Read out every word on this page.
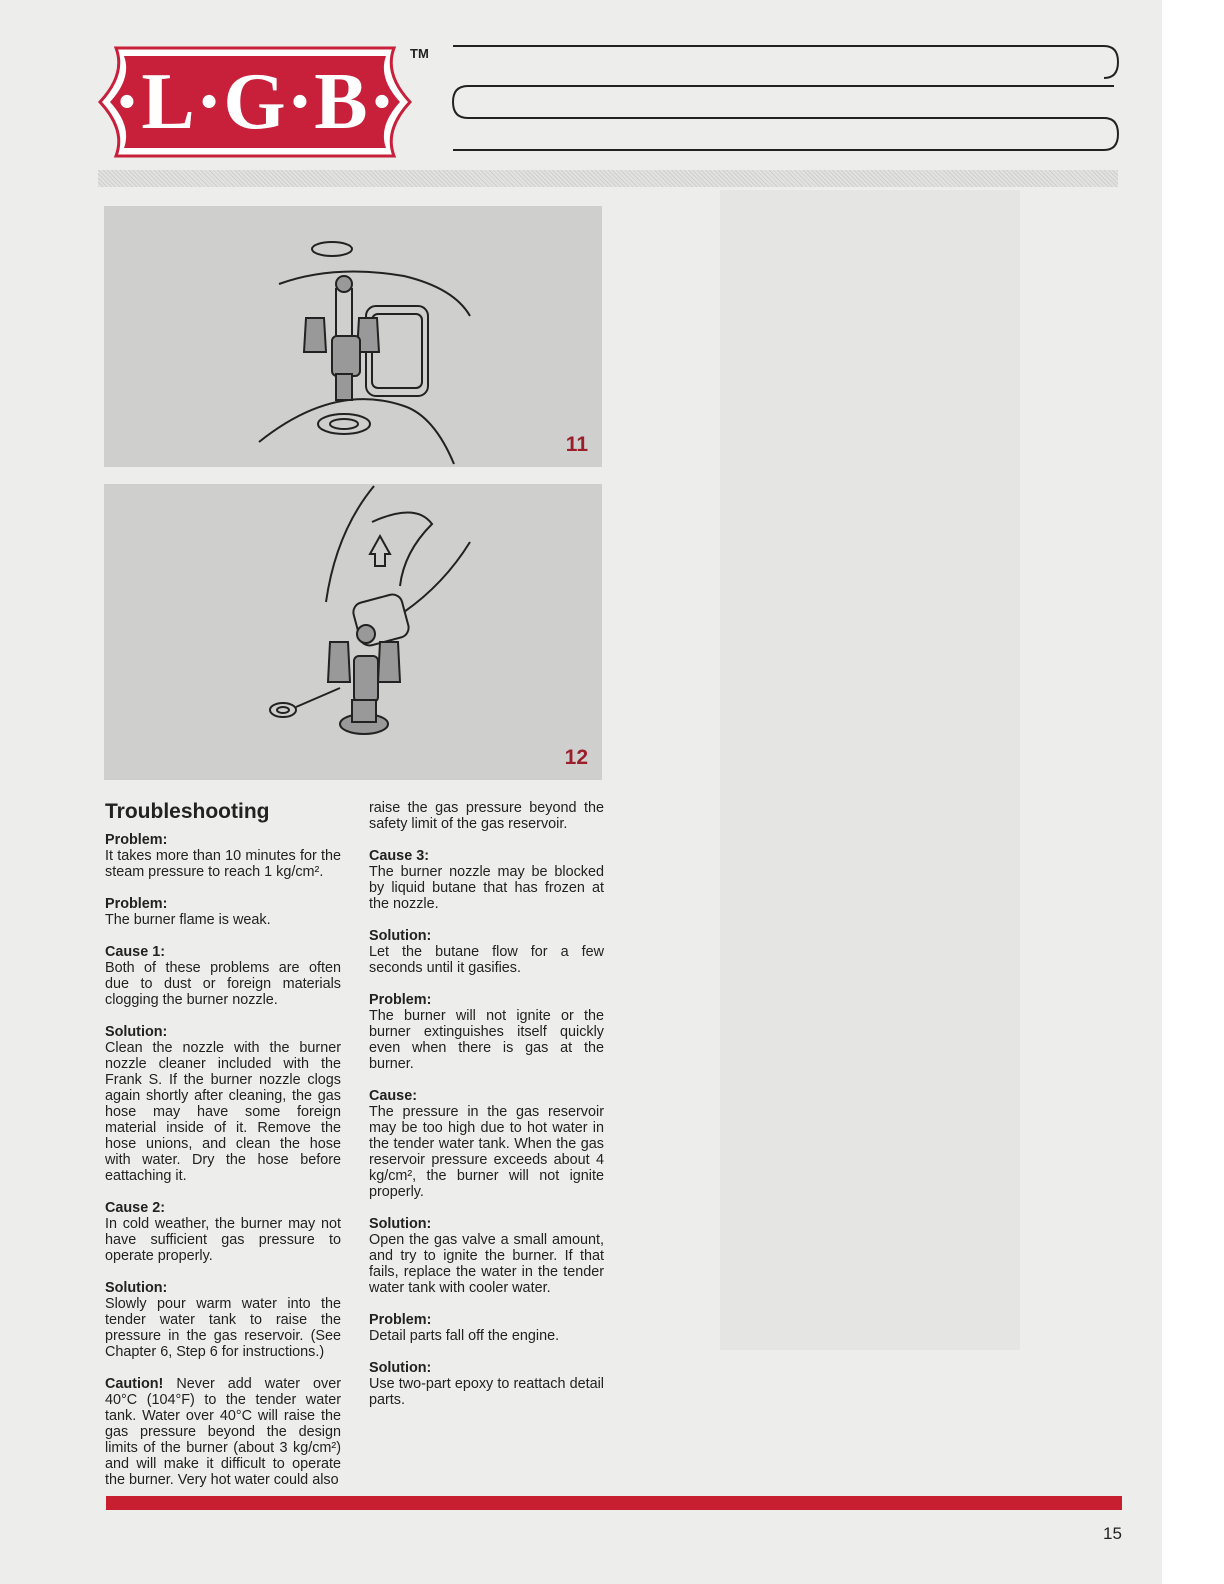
·L·G·B·
TM
11
12
Troubleshooting
Problem:

It takes more than 10 minutes for the steam pressure to reach 1 kg/cm².

Problem:

The burner flame is weak.

Cause 1:

Both of these problems are often due to dust or foreign materials clogging the burner nozzle.

Solution:

Clean the nozzle with the burner nozzle cleaner included with the Frank S. If the burner nozzle clogs again shortly after cleaning, the gas hose may have some foreign material inside of it. Remove the hose unions, and clean the hose with water. Dry the hose before eattaching it.

Cause 2:

In cold weather, the burner may not have sufficient gas pressure to operate properly.

Solution:

Slowly pour warm water into the tender water tank to raise the pressure in the gas reservoir. (See Chapter 6, Step 6 for instructions.)

Caution! Never add water over 40°C (104°F) to the tender water tank. Water over 40°C will raise the gas pressure beyond the design limits of the burner (about 3 kg/cm²) and will make it difficult to operate the burner. Very hot water could also

raise the gas pressure beyond the safety limit of the gas reservoir.

Cause 3:

The burner nozzle may be blocked by liquid butane that has frozen at the nozzle.

Solution:

Let the butane flow for a few seconds until it gasifies.

Problem:

The burner will not ignite or the burner extinguishes itself quickly even when there is gas at the burner.

Cause:

The pressure in the gas reservoir may be too high due to hot water in the tender water tank. When the gas reservoir pressure exceeds about 4 kg/cm², the burner will not ignite properly.

Solution:

Open the gas valve a small amount, and try to ignite the burner. If that fails, replace the water in the tender water tank with cooler water.

Problem:

Detail parts fall off the engine.

Solution:

Use two-part epoxy to reattach detail parts.

15
